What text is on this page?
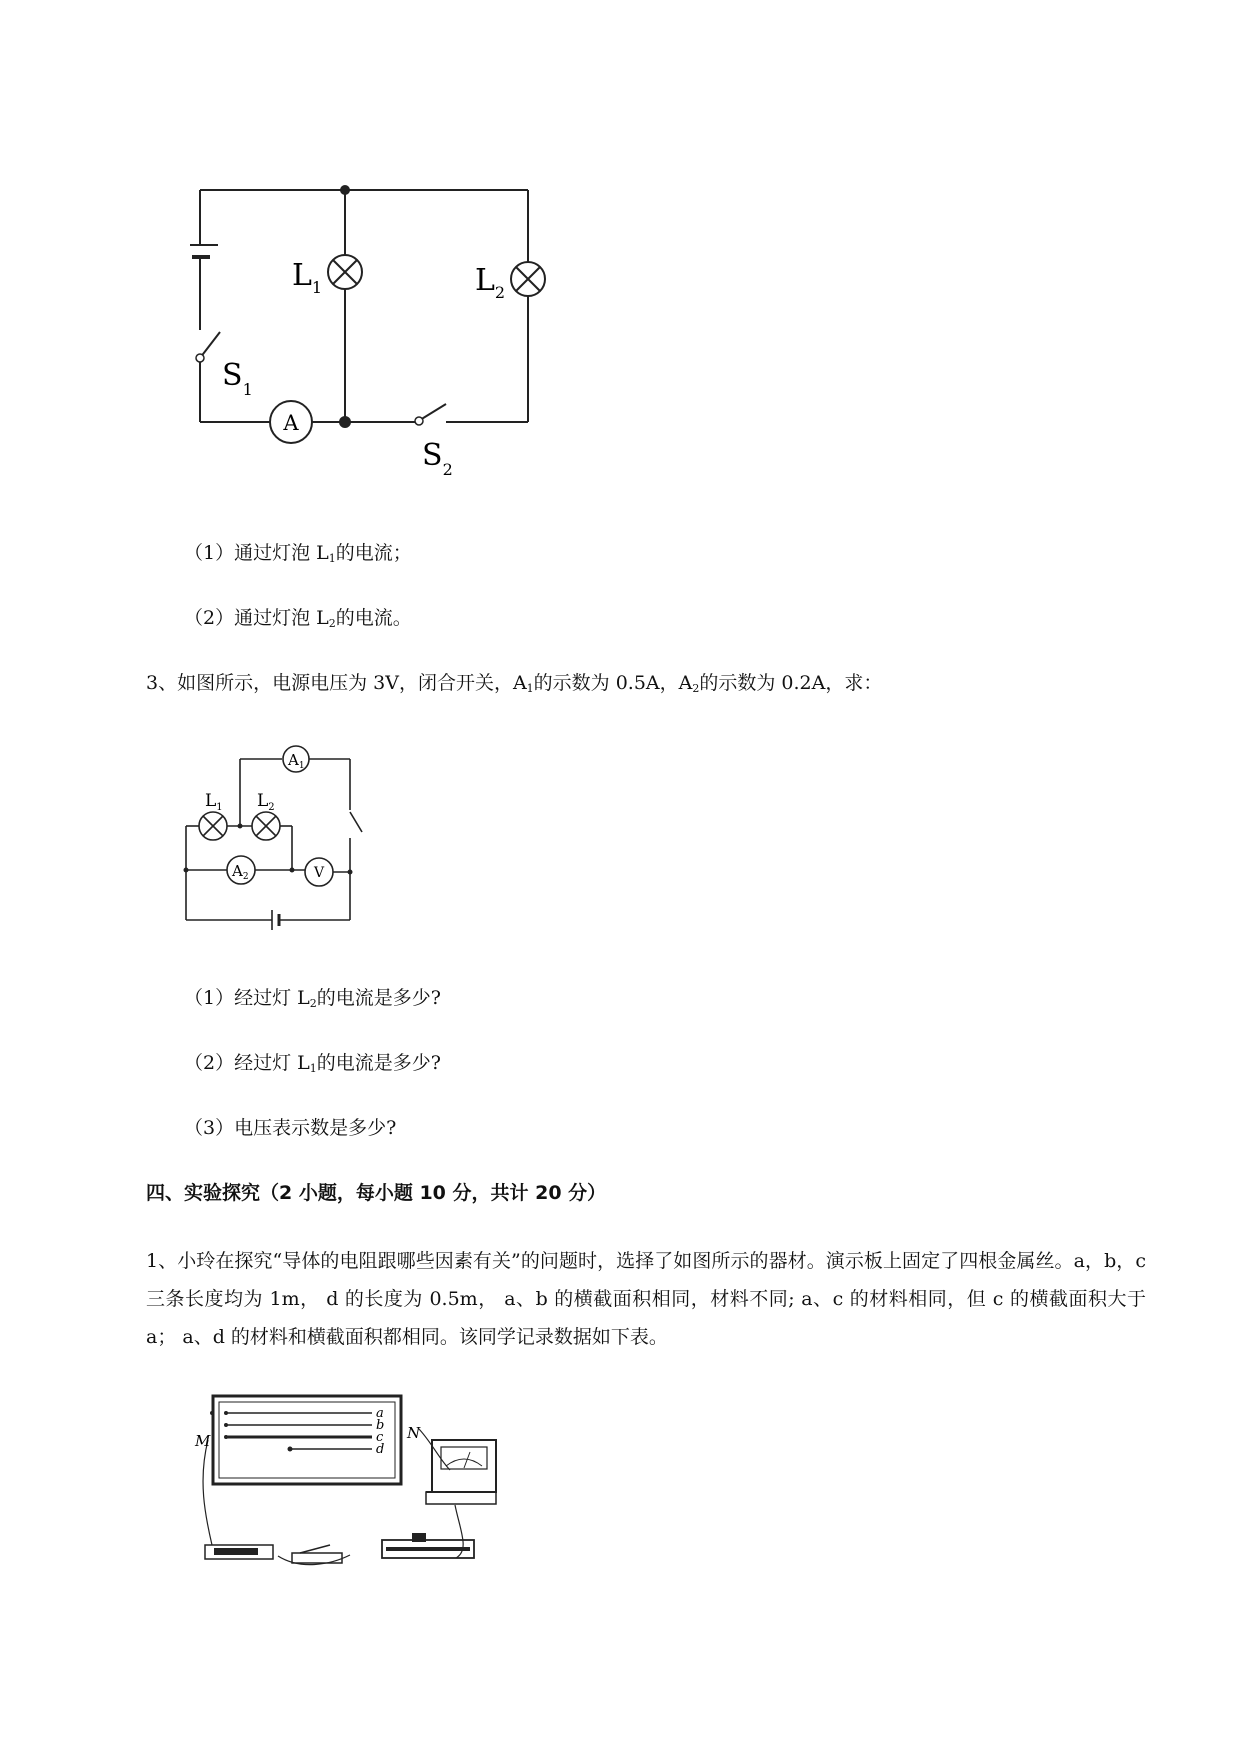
A
$L_1$	$L_2$
$S_1$
$S_2$
（1）通过灯泡 $L_1$的电流；
（2）通过灯泡 $L_2$的电流。
3、如图所示，电源电压为 3V，闭合开关，$A_1$的示数为 0.5A，$A_2$的示数为 0.2A，求：
$A_1$
$A_2$	V
$L_1$ $L_2$
（1）经过灯 $L_2$的电流是多少?
（2）经过灯 $L_1$的电流是多少?
（3）电压表示数是多少?
四、实验探究（2 小题，每小题 10 分，共计 20 分）
1、小玲在探究“导体的电阻跟哪些因素有关”的问题时，选择了如图所示的器材。演示板上固定了四根金属丝。a，b，c 三条长度均为 1m， d 的长度为 0.5m， a、b 的横截面积相同，材料不同; a、c 的材料相同，但 c 的横截面积大于 a； a、d 的材料和横截面积都相同。该同学记录数据如下表。
M	N
a
b
c
d
